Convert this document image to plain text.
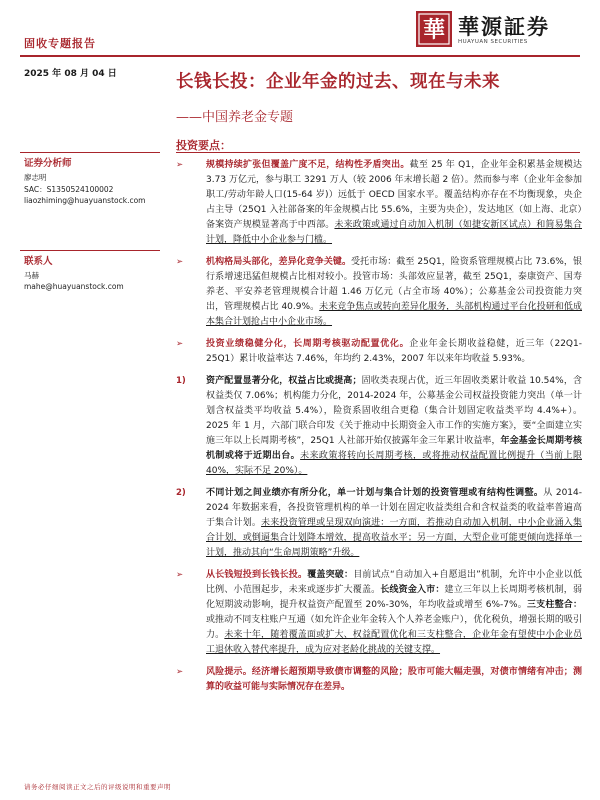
固收专题报告
華 華源証券
HUAYUAN SECURITIES
2025 年 08 月 04 日	长钱长投：企业年金的过去、现在与未来
——中国养老金专题
投资要点：
证券分析师
廖志明
SAC：S1350524100002
liaozhiming@huayuanstock.com
联系人
马赫
mahe@huayuanstock.com
➢	规模持续扩张但覆盖广度不足，结构性矛盾突出。截至 25 年 Q1，企业年金积累基金规模达 3.73 万亿元，参与职工 3291 万人（较 2006 年末增长超 2 倍）。然而参与率（企业年金参加职工/劳动年龄人口(15-64 岁)）远低于 OECD 国家水平。覆盖结构亦存在不均衡现象，央企占主导（25Q1 入社部备案的年金规模占比 55.6%，主要为央企），发达地区（如上海、北京）备案资产规模显著高于中西部。未来政策或通过自动加入机制（如捷安新区试点）和简易集合计划，降低中小企业参与门槛。
➢	机构格局头部化，差异化竞争关键。受托市场：截至 25Q1，险资系管理规模占比 73.6%，银行系增速迅猛但规模占比相对较小。投管市场：头部效应显著，截至 25Q1，泰康资产、国寿养老、平安养老管理规模合计超 1.46 万亿元（占全市场 40%）；公募基金公司投资能力突出，管理规模占比 40.9%。未来竞争焦点或转向差异化服务，头部机构通过平台化投研和低成本集合计划抢占中小企业市场。
➢	投资业绩稳健分化，长周期考核驱动配置优化。企业年金长期收益稳健，近三年（22Q1-25Q1）累计收益率达 7.46%，年均约 2.43%，2007 年以来年均收益 5.93%。
1)	资产配置显著分化，权益占比或提高；固收类表现占优，近三年固收类累计收益 10.54%，含权益类仅 7.06%；机构能力分化，2014-2024 年，公募基金公司权益投资能力突出（单一计划含权益类平均收益 5.4%），险资系固收组合更稳（集合计划固定收益类平均 4.4%+）。2025 年 1 月，六部门联合印发《关于推动中长期资金入市工作的实施方案》，要“全面建立实施三年以上长周期考核”，25Q1 人社部开始仅披露年金三年累计收益率，年金基金长周期考核机制或将于近期出台。未来政策将转向长周期考核，或将推动权益配置比例提升（当前上限 40%，实际不足 20%）。
2)	不同计划之间业绩亦有所分化，单一计划与集合计划的投资管理或有结构性调整。从 2014-2024 年数据来看，各投资管理机构的单一计划在固定收益类组合和含权益类的收益率普遍高于集合计划。未来投资管理或呈现双向演进：一方面，若推动自动加入机制，中小企业涌入集合计划，或倒逼集合计划降本增效，提高收益水平；另一方面，大型企业可能更倾向选择单一计划，推动其向“生命周期策略”升级。
➢	从长钱短投到长钱长投。覆盖突破：目前试点“自动加入+自愿退出”机制，允许中小企业以低比例、小范围起步，未来或逐步扩大覆盖。长线资金入市：建立三年以上长周期考核机制，弱化短期波动影响，提升权益资产配置至 20%-30%，年均收益或增至 6%-7%。三支柱整合：或推动不同支柱账户互通（如允许企业年金转入个人养老金账户），优化税负，增强长期的吸引力。未来十年，随着覆盖面或扩大、权益配置优化和三支柱整合，企业年金有望使中小企业员工退休收入替代率提升，成为应对老龄化挑战的关键支撑。
➢	风险提示。经济增长超预期导致债市调整的风险；股市可能大幅走强，对债市情绪有冲击；测算的收益可能与实际情况存在差异。
请务必仔细阅读正文之后的评级说明和重要声明
